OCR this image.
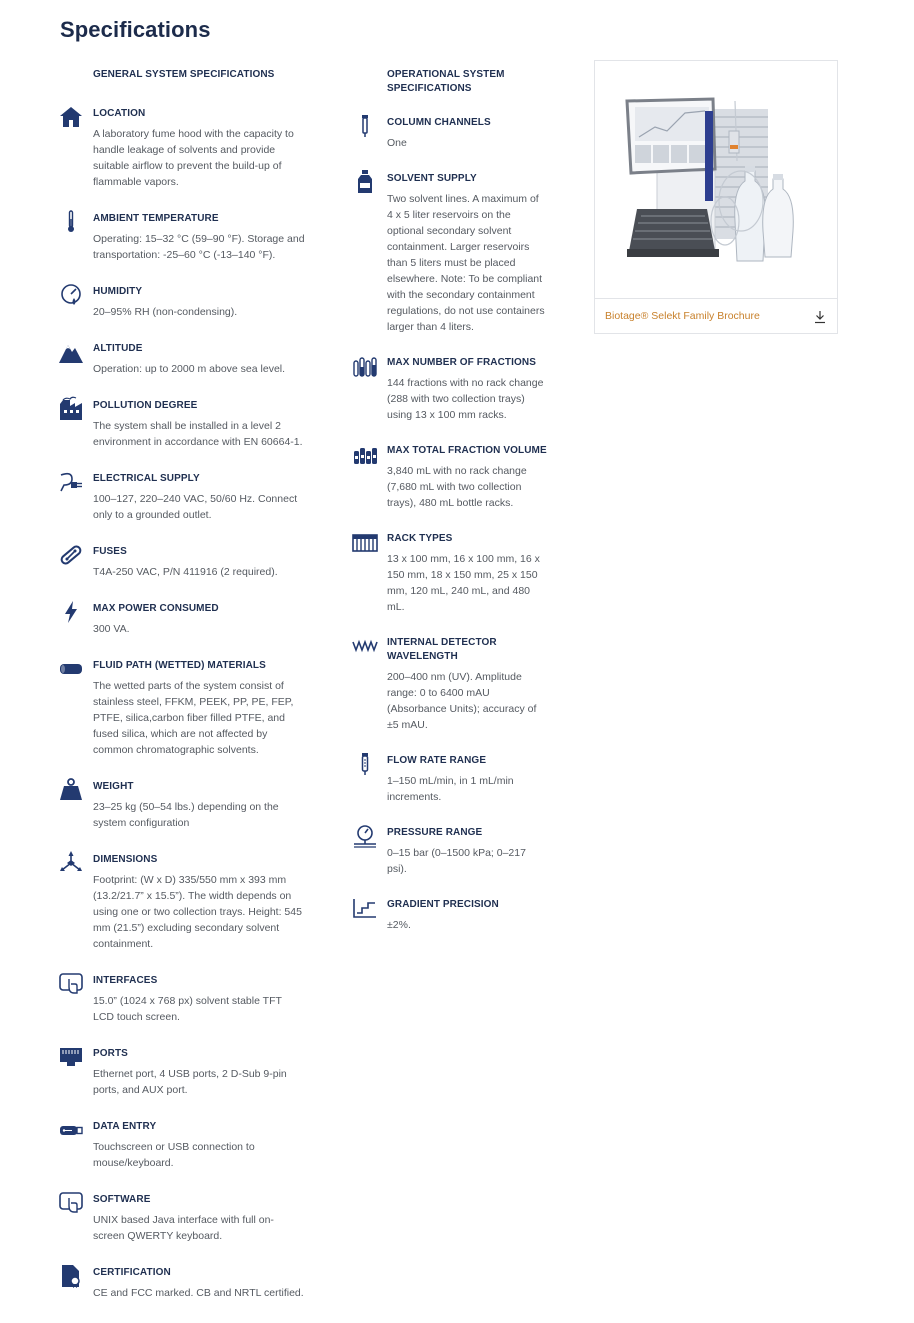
Specifications
GENERAL SYSTEM SPECIFICATIONS
LOCATION
A laboratory fume hood with the capacity to handle leakage of solvents and provide suitable airflow to prevent the build-up of flammable vapors.
AMBIENT TEMPERATURE
Operating: 15–32 °C (59–90 °F). Storage and transportation: -25–60 °C (-13–140 °F).
HUMIDITY
20–95% RH (non-condensing).
ALTITUDE
Operation: up to 2000 m above sea level.
POLLUTION DEGREE
The system shall be installed in a level 2 environment in accordance with EN 60664-1.
ELECTRICAL SUPPLY
100–127, 220–240 VAC, 50/60 Hz. Connect only to a grounded outlet.
FUSES
T4A-250 VAC, P/N 411916 (2 required).
MAX POWER CONSUMED
300 VA.
FLUID PATH (WETTED) MATERIALS
The wetted parts of the system consist of stainless steel, FFKM, PEEK, PP, PE, FEP, PTFE, silica,carbon fiber filled PTFE, and fused silica, which are not affected by common chromatographic solvents.
WEIGHT
23–25 kg (50–54 lbs.) depending on the system configuration
DIMENSIONS
Footprint: (W x D) 335/550 mm x 393 mm (13.2/21.7” x 15.5”). The width depends on using one or two collection trays. Height: 545 mm (21.5”) excluding secondary solvent containment.
INTERFACES
15.0” (1024 x 768 px) solvent stable TFT LCD touch screen.
PORTS
Ethernet port, 4 USB ports, 2 D-Sub 9-pin ports, and AUX port.
DATA ENTRY
Touchscreen or USB connection to mouse/keyboard.
SOFTWARE
UNIX based Java interface with full on-screen QWERTY keyboard.
CERTIFICATION
CE and FCC marked. CB and NRTL certified.
OPERATIONAL SYSTEM SPECIFICATIONS
COLUMN CHANNELS
One
SOLVENT SUPPLY
Two solvent lines. A maximum of 4 x 5 liter reservoirs on the optional secondary solvent containment. Larger reservoirs than 5 liters must be placed elsewhere. Note: To be compliant with the secondary containment regulations, do not use containers larger than 4 liters.
MAX NUMBER OF FRACTIONS
144 fractions with no rack change (288 with two collection trays) using 13 x 100 mm racks.
MAX TOTAL FRACTION VOLUME
3,840 mL with no rack change (7,680 mL with two collection trays), 480 mL bottle racks.
RACK TYPES
13 x 100 mm, 16 x 100 mm, 16 x 150 mm, 18 x 150 mm, 25 x 150 mm, 120 mL, 240 mL, and 480 mL.
INTERNAL DETECTOR WAVELENGTH
200–400 nm (UV). Amplitude range: 0 to 6400 mAU (Absorbance Units); accuracy of ±5 mAU.
FLOW RATE RANGE
1–150 mL/min, in 1 mL/min increments.
PRESSURE RANGE
0–15 bar (0–1500 kPa; 0–217 psi).
GRADIENT PRECISION
±2%.
Biotage® Selekt Family Brochure
